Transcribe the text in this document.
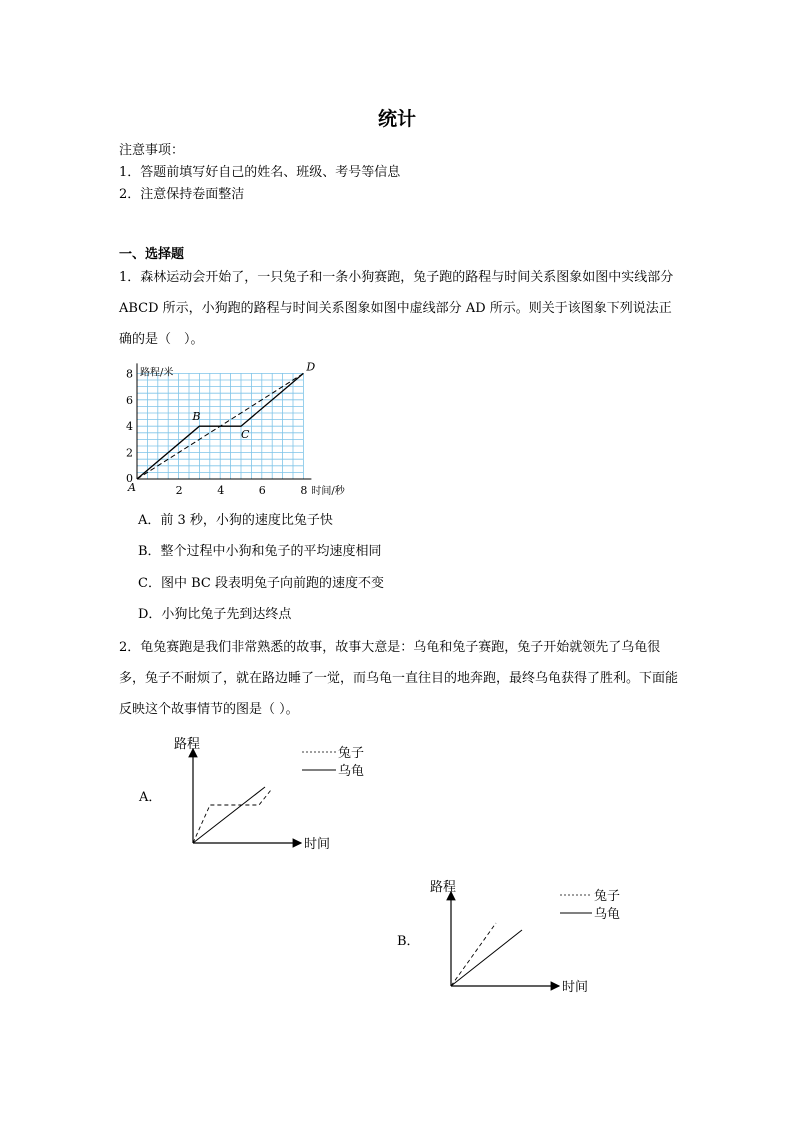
统计
注意事项：
1．答题前填写好自己的姓名、班级、考号等信息
2．注意保持卷面整洁
一、选择题
1．森林运动会开始了，一只兔子和一条小狗赛跑，兔子跑的路程与时间关系图象如图中实线部分 ABCD 所示，小狗跑的路程与时间关系图象如图中虚线部分 AD 所示。则关于该图象下列说法正确的是（　）。
0
2
4
6
8
2	4	6	8
路程/米
时间/秒
A
B
C
D
A．前 3 秒，小狗的速度比兔子快
B．整个过程中小狗和兔子的平均速度相同
C．图中 BC 段表明兔子向前跑的速度不变
D．小狗比兔子先到达终点
2．龟兔赛跑是我们非常熟悉的故事，故事大意是：乌龟和兔子赛跑，兔子开始就领先了乌龟很多，兔子不耐烦了，就在路边睡了一觉，而乌龟一直往目的地奔跑，最终乌龟获得了胜利。下面能反映这个故事情节的图是（ ）。
A．
路程
时间
兔子
乌龟
B．
路程
时间
兔子
乌龟
